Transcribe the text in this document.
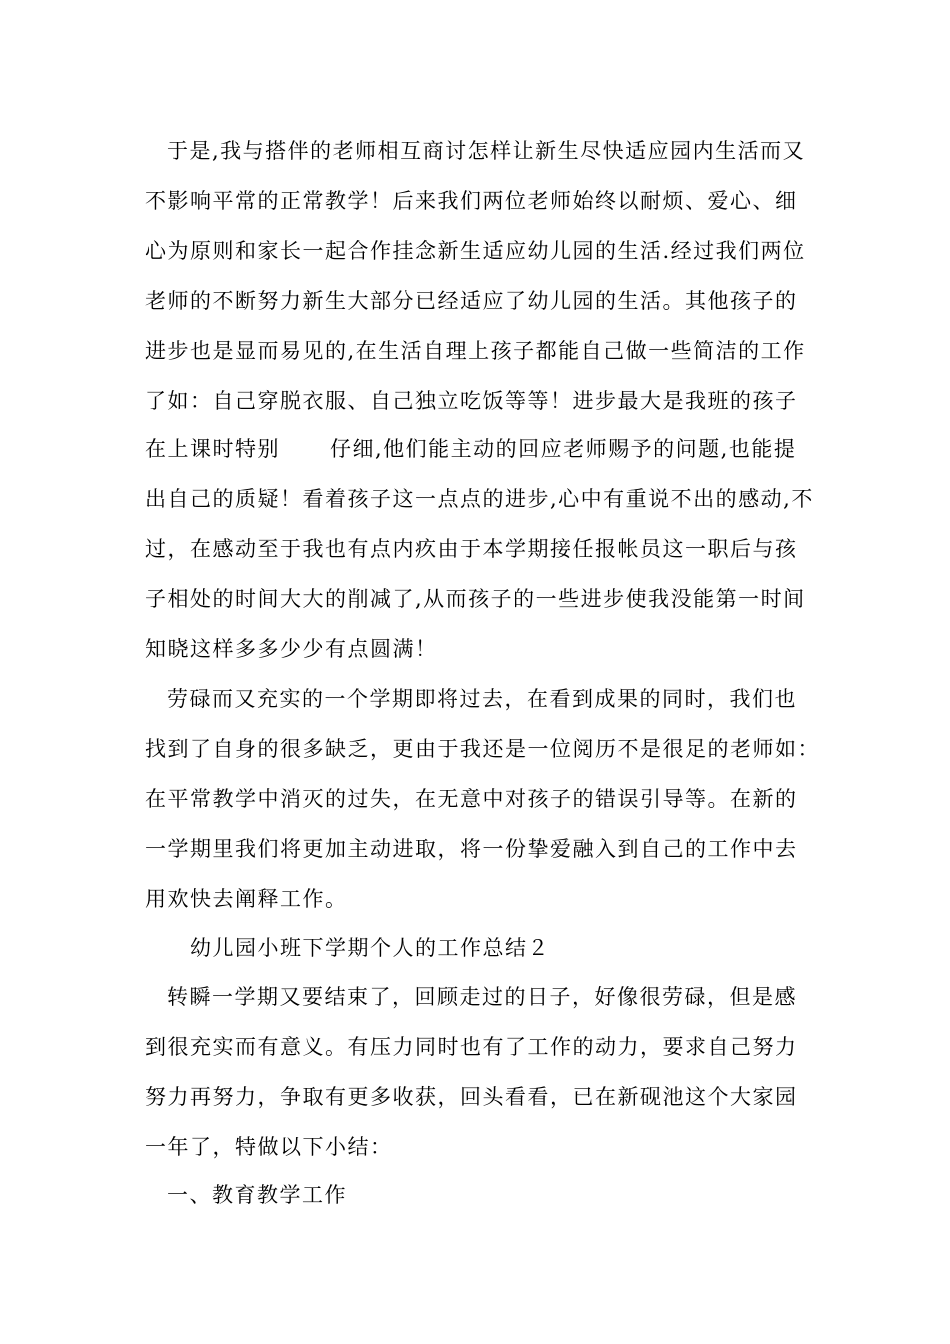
于是,我与搭伴的老师相互商讨怎样让新生尽快适应园内生活而又
不影响平常的正常教学！后来我们两位老师始终以耐烦、爱心、细
心为原则和家长一起合作挂念新生适应幼儿园的生活.经过我们两位
老师的不断努力新生大部分已经适应了幼儿园的生活。其他孩子的
进步也是显而易见的,在生活自理上孩子都能自己做一些简洁的工作
了如：自己穿脱衣服、自己独立吃饭等等！进步最大是我班的孩子
在上课时特别 仔细,他们能主动的回应老师赐予的问题,也能提
出自己的质疑！看着孩子这一点点的进步,心中有重说不出的感动,不
过，在感动至于我也有点内疚由于本学期接任报帐员这一职后与孩
子相处的时间大大的削减了,从而孩子的一些进步使我没能第一时间
知晓这样多多少少有点圆满！
劳碌而又充实的一个学期即将过去，在看到成果的同时，我们也
找到了自身的很多缺乏，更由于我还是一位阅历不是很足的老师如：
在平常教学中消灭的过失，在无意中对孩子的错误引导等。在新的
一学期里我们将更加主动进取，将一份挚爱融入到自己的工作中去
用欢快去阐释工作。
幼儿园小班下学期个人的工作总结２
转瞬一学期又要结束了，回顾走过的日子，好像很劳碌，但是感
到很充实而有意义。有压力同时也有了工作的动力，要求自己努力
努力再努力，争取有更多收获，回头看看，已在新砚池这个大家园
一年了，特做以下小结：
一、教育教学工作
